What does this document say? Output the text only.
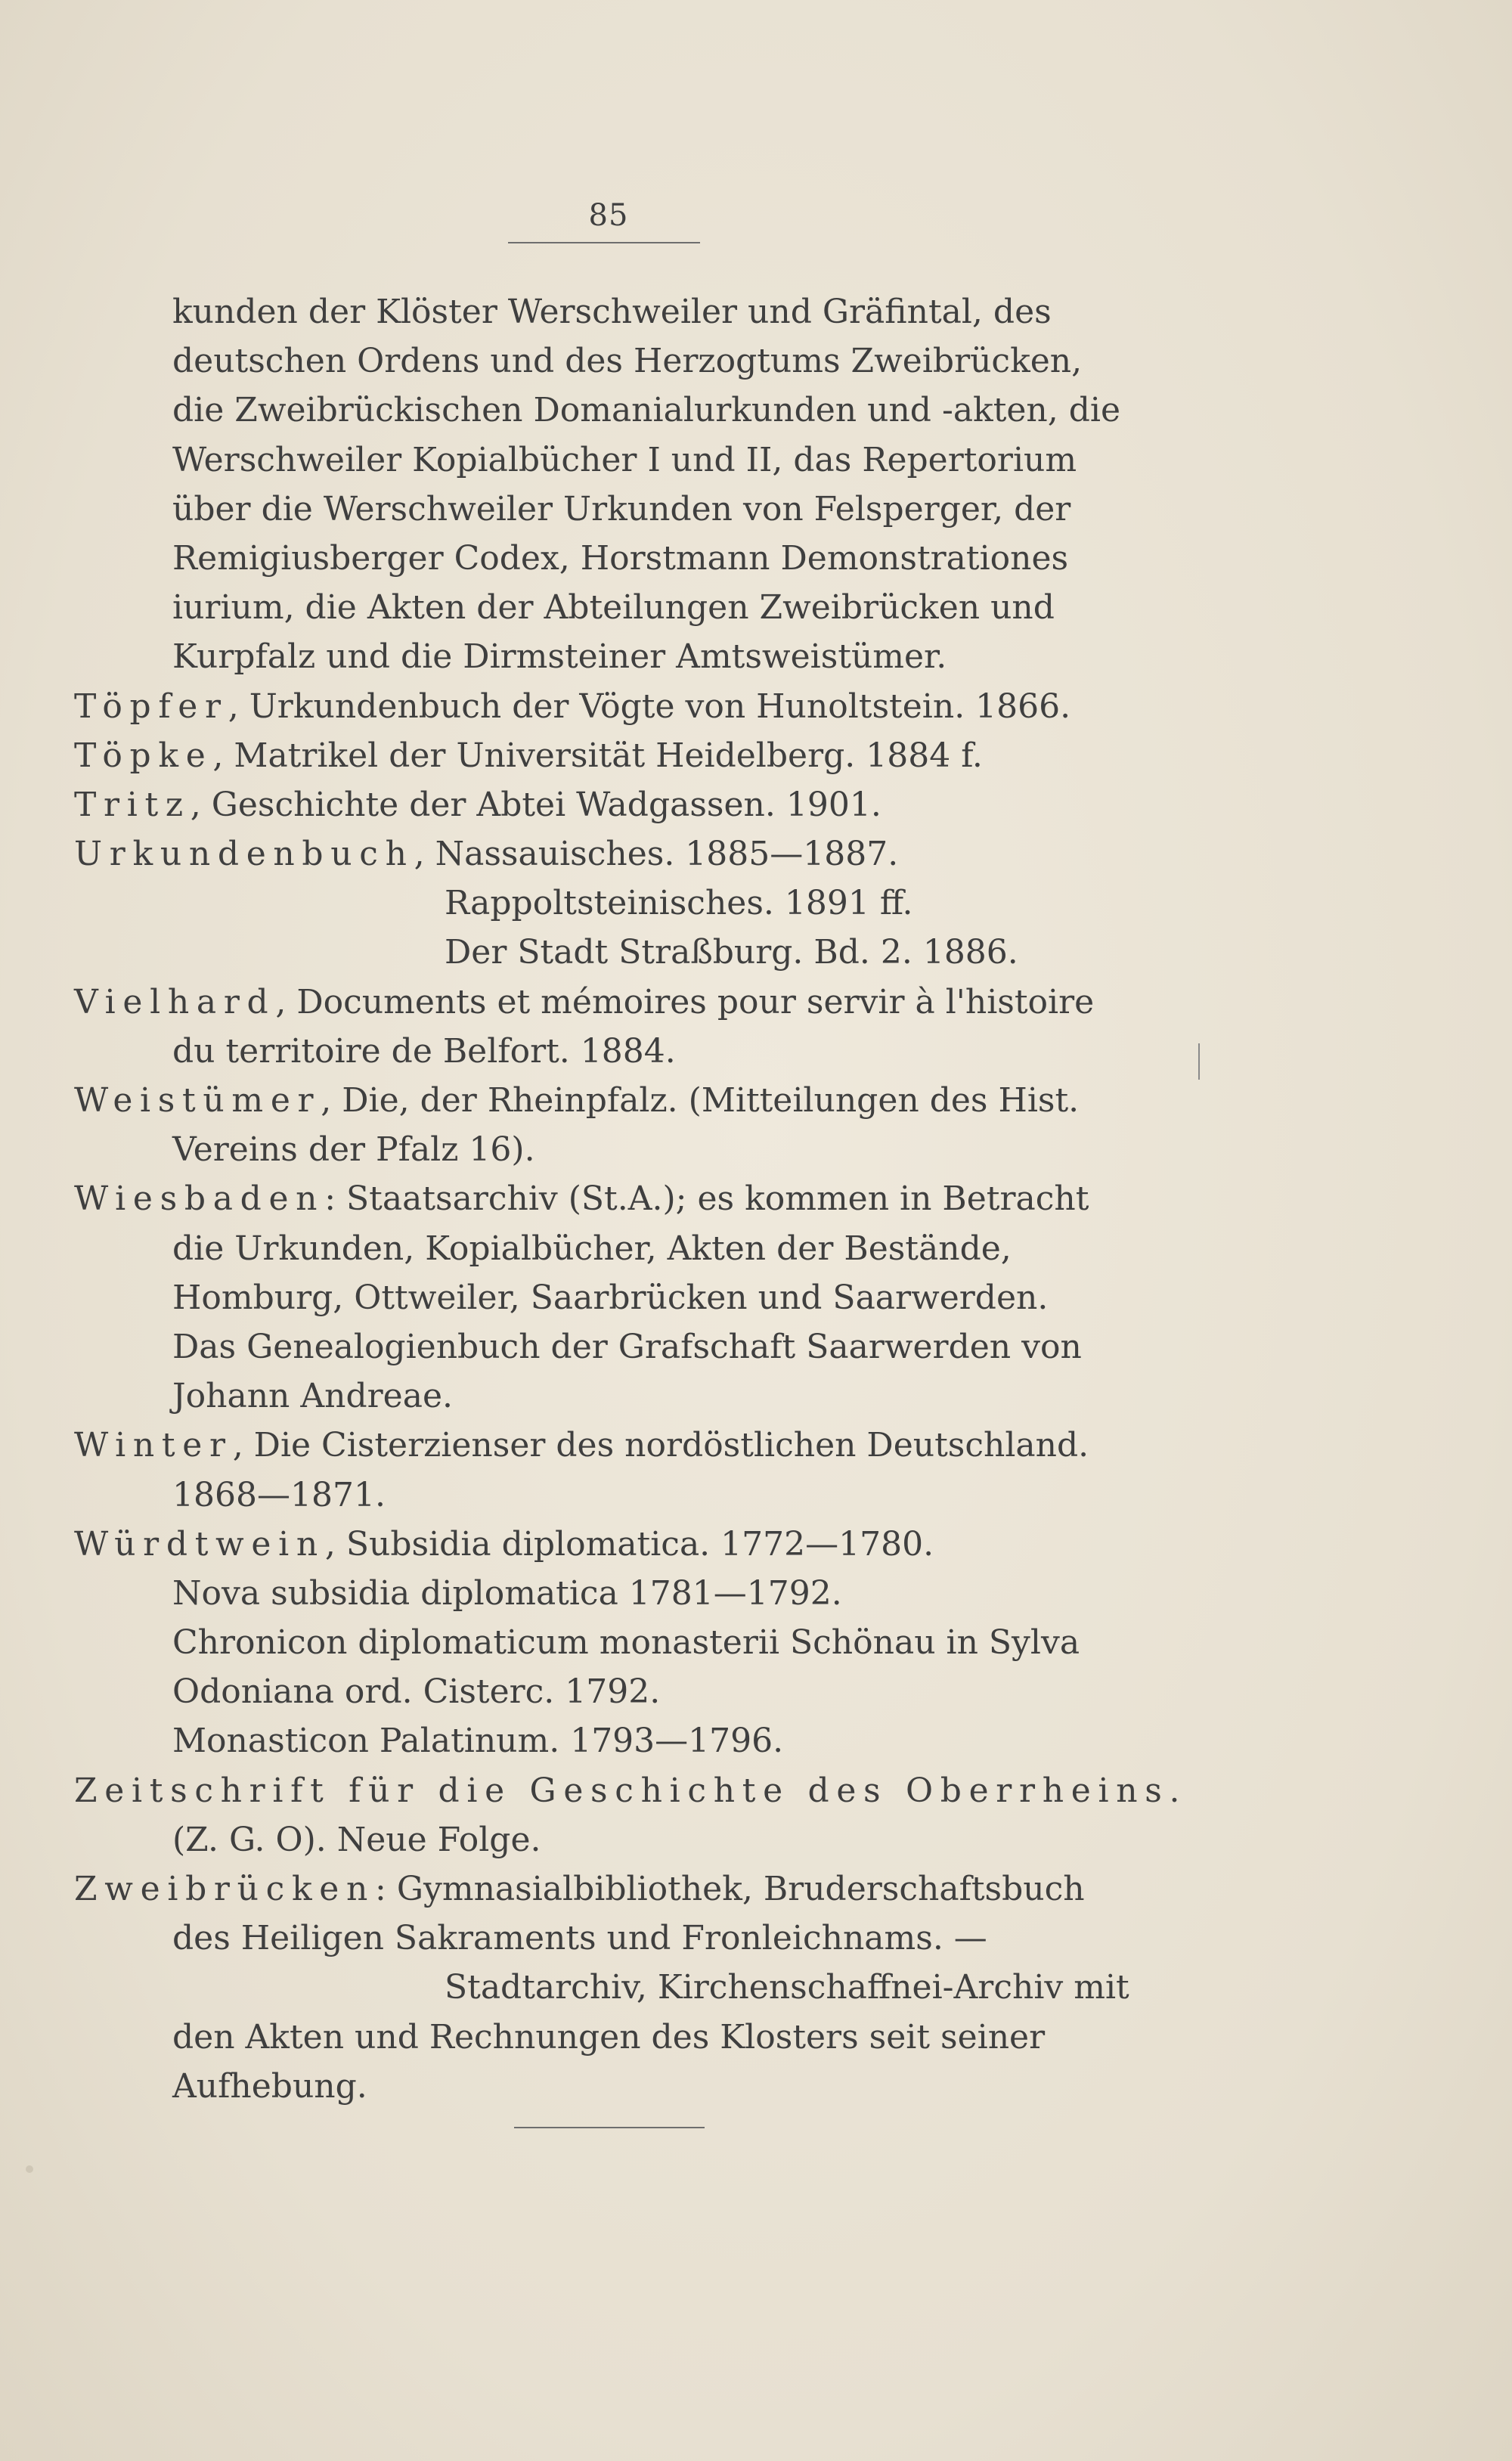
85
kunden der Klöster Werschweiler und Gräfintal, des
deutschen Ordens und des Herzogtums Zweibrücken,
die Zweibrückischen Domanialurkunden und -akten, die
Werschweiler Kopialbücher I und II, das Repertorium
über die Werschweiler Urkunden von Felsperger, der
Remigiusberger Codex, Horstmann Demonstrationes
iurium, die Akten der Abteilungen Zweibrücken und
Kurpfalz und die Dirmsteiner Amtsweistümer.
Töpfer, Urkundenbuch der Vögte von Hunoltstein. 1866.
Töpke, Matrikel der Universität Heidelberg. 1884 f.
Tritz, Geschichte der Abtei Wadgassen. 1901.
Urkundenbuch, Nassauisches. 1885—1887.
Rappoltsteinisches. 1891 ff.
Der Stadt Straßburg. Bd. 2. 1886.
Vielhard, Documents et mémoires pour servir à l'histoire
du territoire de Belfort. 1884.
Weistümer, Die, der Rheinpfalz. (Mitteilungen des Hist.
Vereins der Pfalz 16).
Wiesbaden: Staatsarchiv (St.A.); es kommen in Betracht
die Urkunden, Kopialbücher, Akten der Bestände,
Homburg, Ottweiler, Saarbrücken und Saarwerden.
Das Genealogienbuch der Grafschaft Saarwerden von
Johann Andreae.
Winter, Die Cisterzienser des nordöstlichen Deutschland.
1868—1871.
Würdtwein, Subsidia diplomatica. 1772—1780.
Nova subsidia diplomatica 1781—1792.
Chronicon diplomaticum monasterii Schönau in Sylva
Odoniana ord. Cisterc. 1792.
Monasticon Palatinum. 1793—1796.
Zeitschrift für die Geschichte des Oberrheins.
(Z. G. O). Neue Folge.
Zweibrücken: Gymnasialbibliothek, Bruderschaftsbuch
des Heiligen Sakraments und Fronleichnams. —
Stadtarchiv, Kirchenschaffnei-Archiv mit
den Akten und Rechnungen des Klosters seit seiner
Aufhebung.
